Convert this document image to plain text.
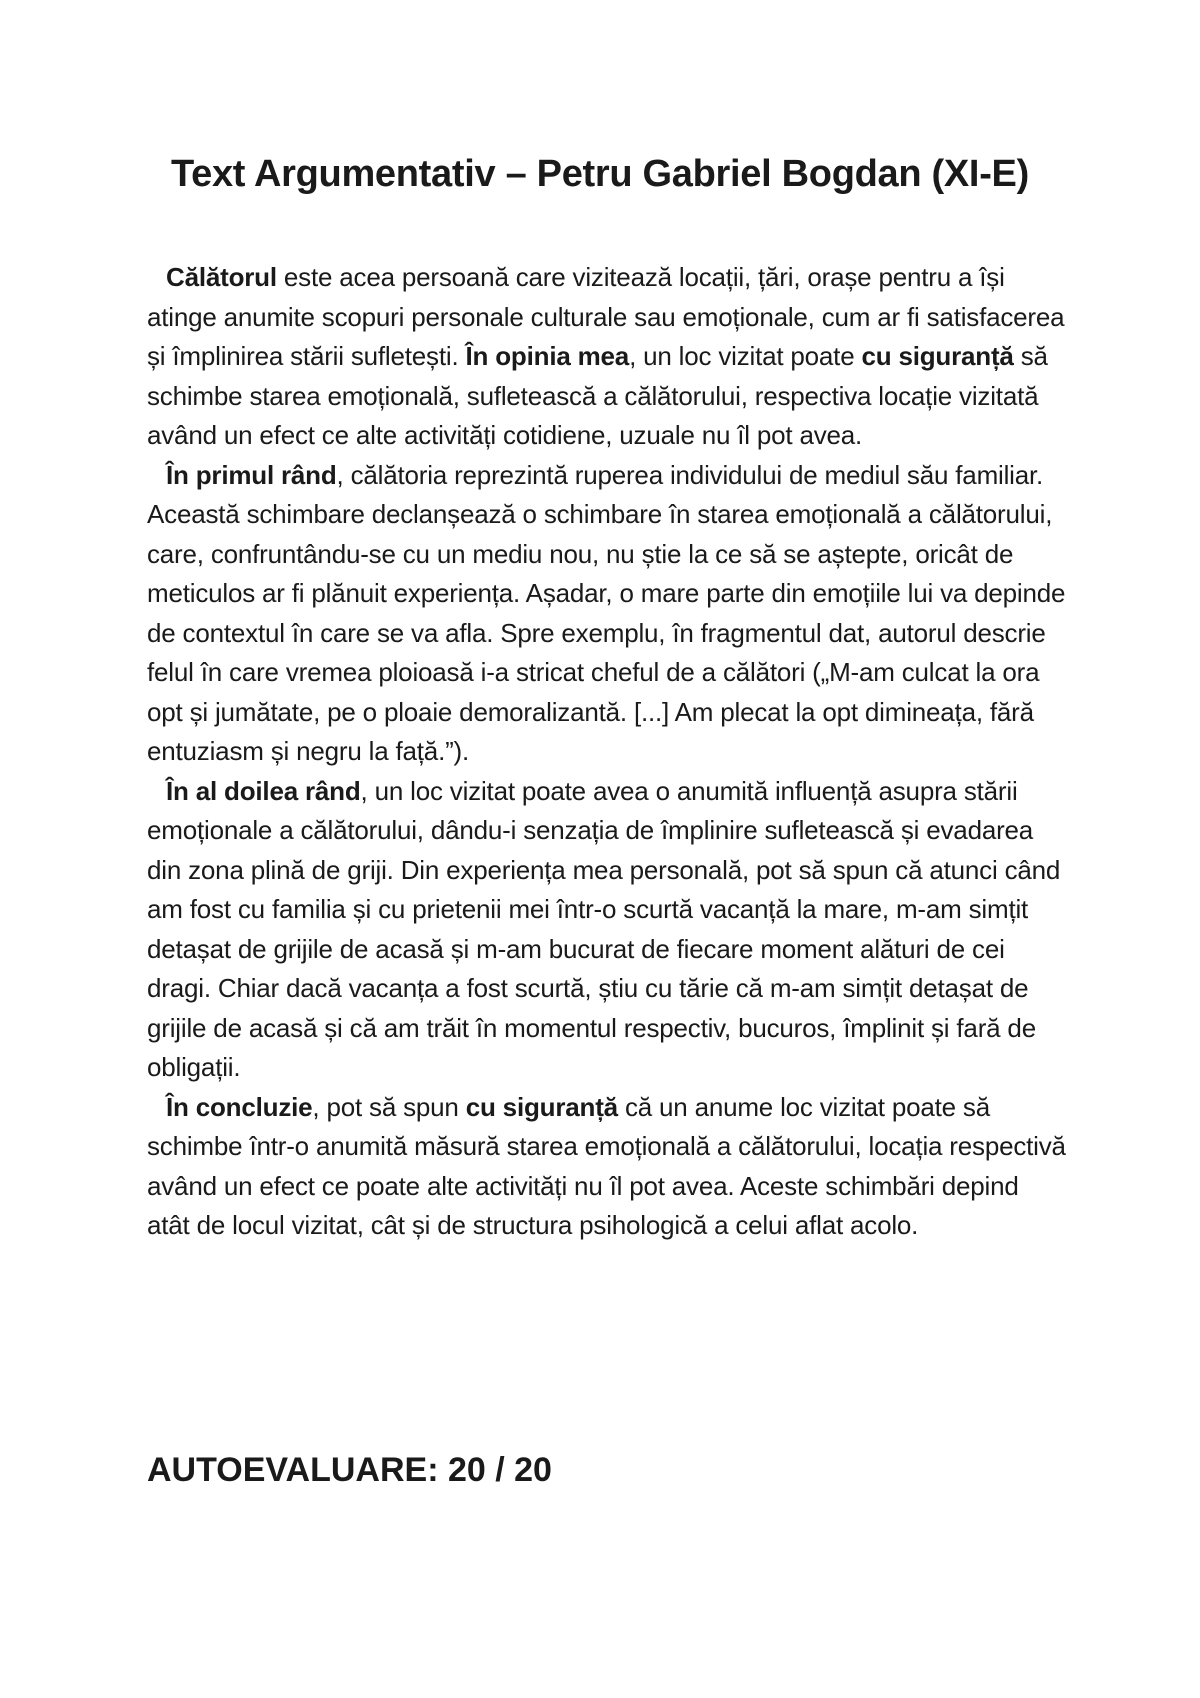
Text Argumentativ – Petru Gabriel Bogdan (XI-E)

Călătorul este acea persoană care vizitează locații, țări, orașe pentru a își atinge anumite scopuri personale culturale sau emoționale, cum ar fi satisfacerea și împlinirea stării sufletești. În opinia mea, un loc vizitat poate cu siguranță să schimbe starea emoțională, sufletească a călătorului, respectiva locație vizitată având un efect ce alte activități cotidiene, uzuale nu îl pot avea.

În primul rând, călătoria reprezintă ruperea individului de mediul său familiar. Această schimbare declanșează o schimbare în starea emoțională a călătorului, care, confruntându-se cu un mediu nou, nu știe la ce să se aștepte, oricât de meticulos ar fi plănuit experiența. Așadar, o mare parte din emoțiile lui va depinde de contextul în care se va afla. Spre exemplu, în fragmentul dat, autorul descrie felul în care vremea ploioasă i-a stricat cheful de a călători („M-am culcat la ora opt și jumătate, pe o ploaie demoralizantă. [...] Am plecat la opt dimineața, fără entuziasm și negru la față.”).

În al doilea rând, un loc vizitat poate avea o anumită influență asupra stării emoționale a călătorului, dându-i senzația de împlinire sufletească și evadarea din zona plină de griji. Din experiența mea personală, pot să spun că atunci când am fost cu familia și cu prietenii mei într-o scurtă vacanță la mare, m-am simțit detașat de grijile de acasă și m-am bucurat de fiecare moment alături de cei dragi. Chiar dacă vacanța a fost scurtă, știu cu tărie că m-am simțit detașat de grijile de acasă și că am trăit în momentul respectiv, bucuros, împlinit și fară de obligații.

În concluzie, pot să spun cu siguranță că un anume loc vizitat poate să schimbe într-o anumită măsură starea emoțională a călătorului, locația respectivă având un efect ce poate alte activități nu îl pot avea. Aceste schimbări depind atât de locul vizitat, cât și de structura psihologică a celui aflat acolo.

AUTOEVALUARE: 20 / 20
